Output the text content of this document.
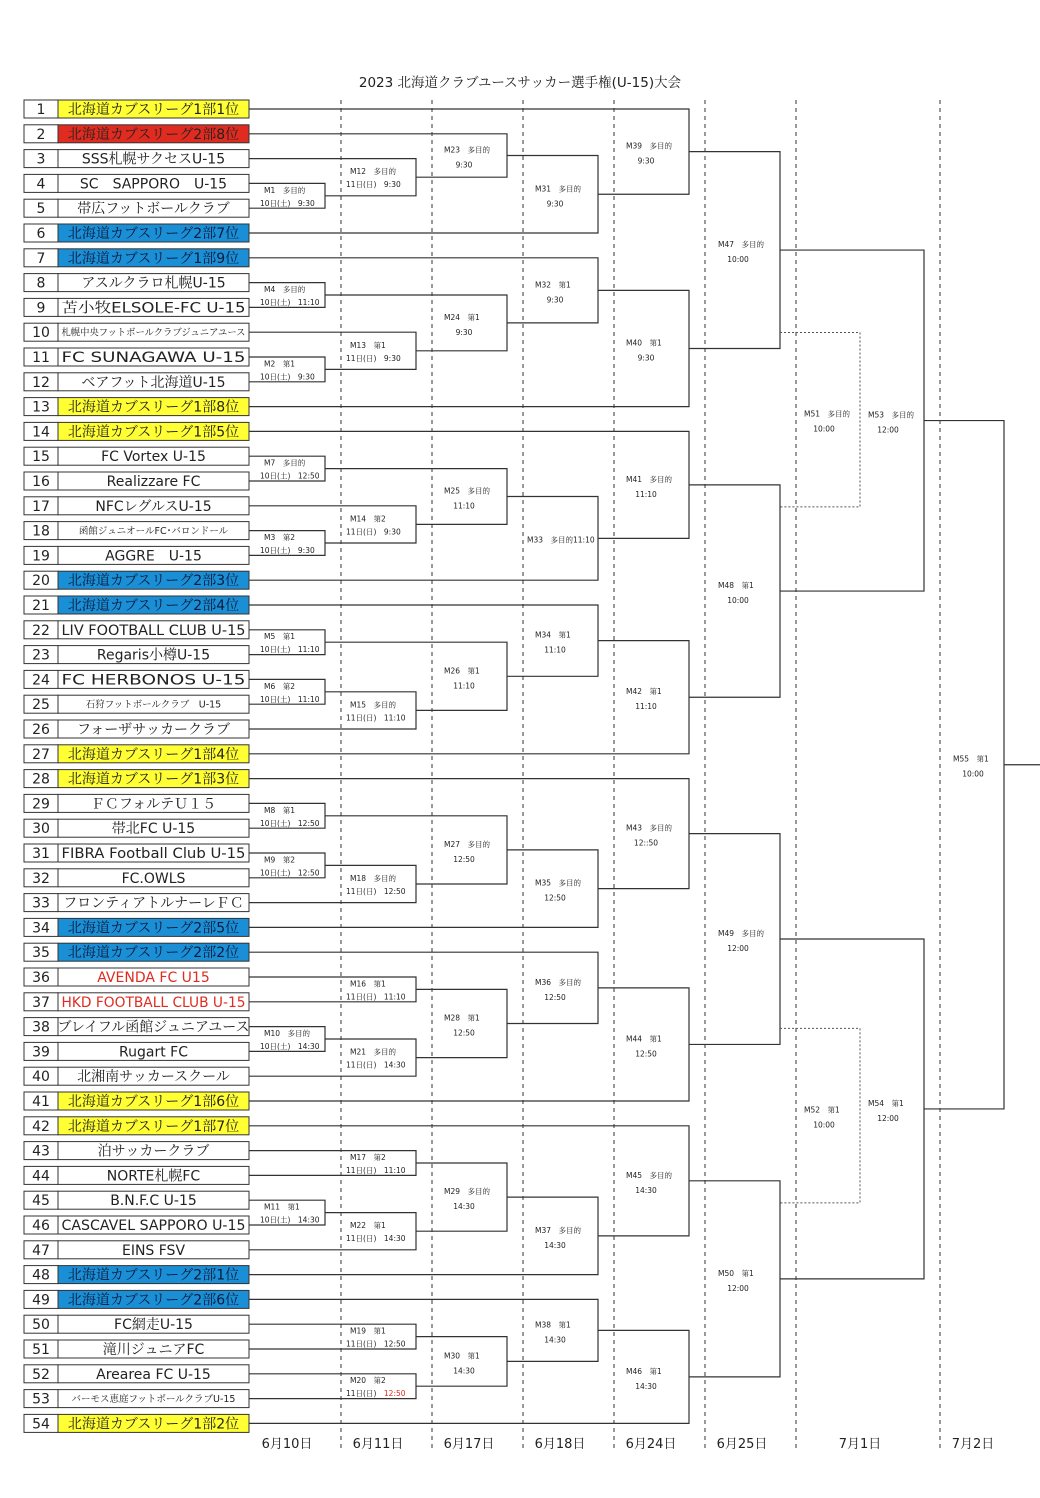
2023 北海道クラブユースサッカー選手権(U-15)大会
1 北海道カブスリーグ1部1位
2 北海道カブスリーグ2部8位
3	SSS札幌サクセスU-15
4 SC　SAPPORO　U-15
5 帯広フットボールクラブ
6 北海道カブスリーグ2部7位
7 北海道カブスリーグ1部9位
8	アスルクラロ札幌U-15
9 苫小牧ELSOLE-FC U-15
10 札幌中央フットボールクラブジュニアユース
11 FC SUNAGAWA U-15
12 ベアフット北海道U-15
13 北海道カブスリーグ1部8位
14 北海道カブスリーグ1部5位
15	FC Vortex U-15
16	Realizzare FC
17	NFCレグルスU-15
18	函館ジュニオールFC･バロンドール
19	AGGRE　U-15
20 北海道カブスリーグ2部3位
21 北海道カブスリーグ2部4位
22 LIV FOOTBALL CLUB U-15
23	Regaris小樽U-15
24 FC HERBONOS U-15
25	石狩フットボールクラブ　U-15
26 フォーザサッカークラブ
27 北海道カブスリーグ1部4位
28 北海道カブスリーグ1部3位
29	ＦＣフォルテＵ１５
30	帯北FC U-15
31 FIBRA Football Club U-15
32	FC.OWLS
33 フロンティアトルナーレＦＣ
34 北海道カブスリーグ2部5位
35 北海道カブスリーグ2部2位
36	AVENDA FC U15
37 HKD FOOTBALL CLUB U-15
38 ブレイフル函館ジュニアユース
39	Rugart FC
40 北湘南サッカースクール
41 北海道カブスリーグ1部6位
42 北海道カブスリーグ1部7位
43	泊サッカークラブ
44	NORTE札幌FC
45	B.N.F.C U-15
46 CASCAVEL SAPPORO U-15
47	EINS FSV
48 北海道カブスリーグ2部1位
49 北海道カブスリーグ2部6位
50	FC網走U-15
51	滝川ジュニアFC
52	Arearea FC U-15
53 バーモス恵庭フットボールクラブU-15
54 北海道カブスリーグ1部2位
M1　多目的
10日(土)　9:30
M2　第1
10日(土)　9:30
M3　第2
10日(土)　9:30
M4　多目的
10日(土)　11:10
M5　第1
10日(土)　11:10
M6　第2
10日(土)　11:10
M7　多目的
10日(土)　12:50
M8　第1
10日(土)　12:50
M9　第2
10日(土)　12:50
M10　多目的
10日(土)　14:30
M11　第1
10日(土)　14:30
M12　多目的
11日(日)　9:30
M13　第1
11日(日)　9:30
M14　第2
11日(日)　9:30
M15　多目的
11日(日)　11:10
M16　第1
11日(日)　11:10
M17　第2
11日(日)　11:10
M18　多目的
11日(日)　12:50
M19　第1
11日(日)　12:50
M20　第2
11日(日)　12:50
M21　多目的
11日(日)　14:30
M22　第1
11日(日)　14:30
M23　多目的
9:30
M24　第1
9:30
M25　多目的
11:10
M26　第1
11:10
M27　多目的
12:50
M28　第1
12:50
M29　多目的
14:30
M30　第1
14:30
M31　多目的
9:30
M32　第1
9:30
M33　多目的11:10
M34　第1
11:10
M35　多目的
12:50
M36　多目的
12:50
M37　多目的
14:30
M38　第1
14:30
M39　多目的
9:30
M40　第1
9:30
M41　多目的
11:10
M42　第1
11:10
M43　多目的
12::50
M44　第1
12:50
M45　多目的
14:30
M46　第1
14:30
M47　多目的
10:00
M48　第1
10:00
M49　多目的
12:00
M50　第1
12:00
M51　多目的
10:00
M52　第1
10:00
M53　多目的
12:00
M54　第1
12:00
M55　第1
10:00
6月10日	6月11日	6月17日	6月18日	6月24日	6月25日	7月1日	7月2日
